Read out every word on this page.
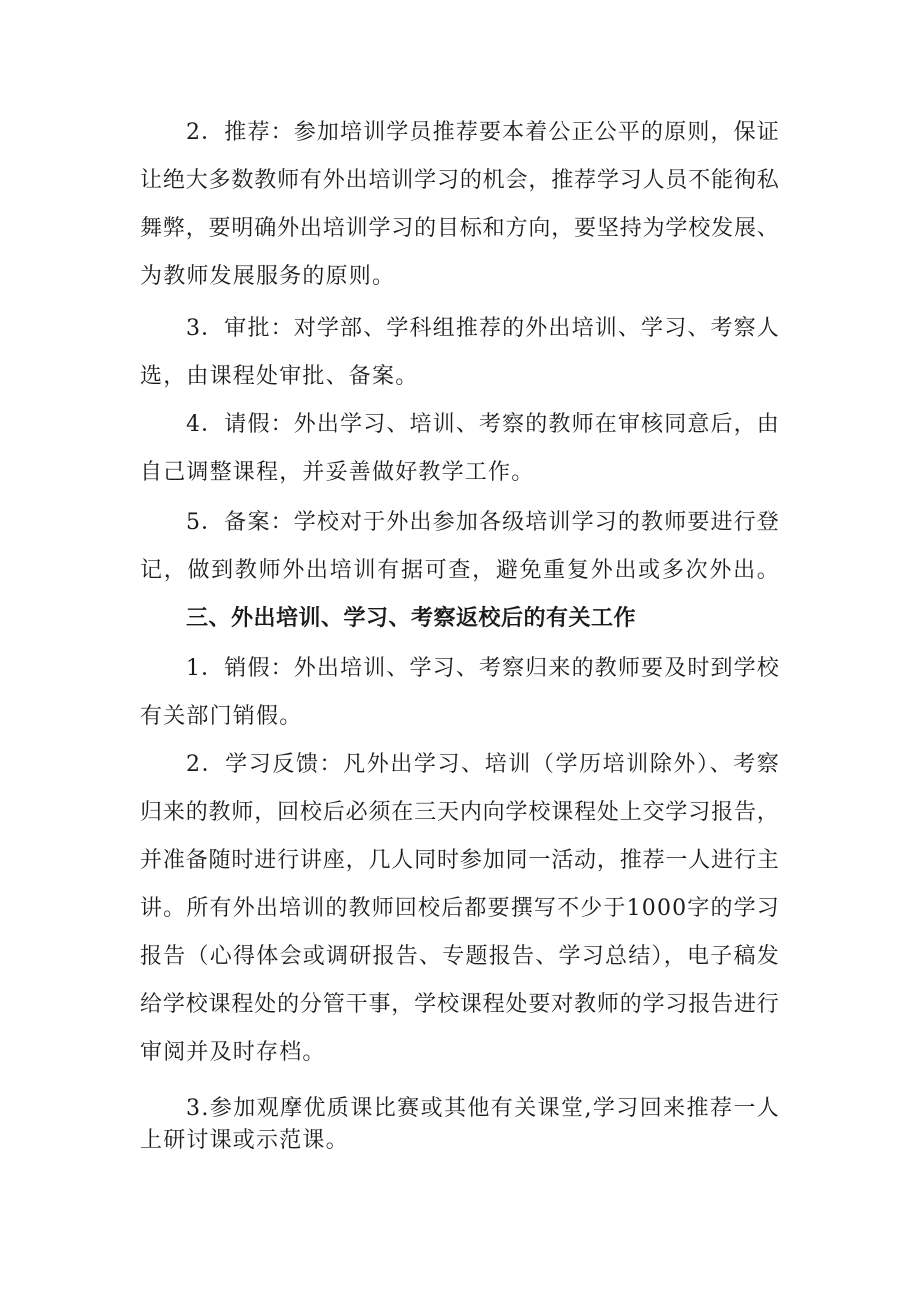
2．推荐：参加培训学员推荐要本着公正公平的原则，保证
让绝大多数教师有外出培训学习的机会，推荐学习人员不能徇私
舞弊，要明确外出培训学习的目标和方向，要坚持为学校发展、
为教师发展服务的原则。
3．审批：对学部、学科组推荐的外出培训、学习、考察人
选，由课程处审批、备案。
4．请假：外出学习、培训、考察的教师在审核同意后，由
自己调整课程，并妥善做好教学工作。
5．备案：学校对于外出参加各级培训学习的教师要进行登
记，做到教师外出培训有据可查，避免重复外出或多次外出。
三、外出培训、学习、考察返校后的有关工作
1．销假：外出培训、学习、考察归来的教师要及时到学校
有关部门销假。
2．学习反馈：凡外出学习、培训（学历培训除外）、考察
归来的教师，回校后必须在三天内向学校课程处上交学习报告，
并准备随时进行讲座，几人同时参加同一活动，推荐一人进行主
讲。所有外出培训的教师回校后都要撰写不少于1000字的学习
报告（心得体会或调研报告、专题报告、学习总结），电子稿发
给学校课程处的分管干事，学校课程处要对教师的学习报告进行
审阅并及时存档。
3.参加观摩优质课比赛或其他有关课堂,学习回来推荐一人
上研讨课或示范课。
